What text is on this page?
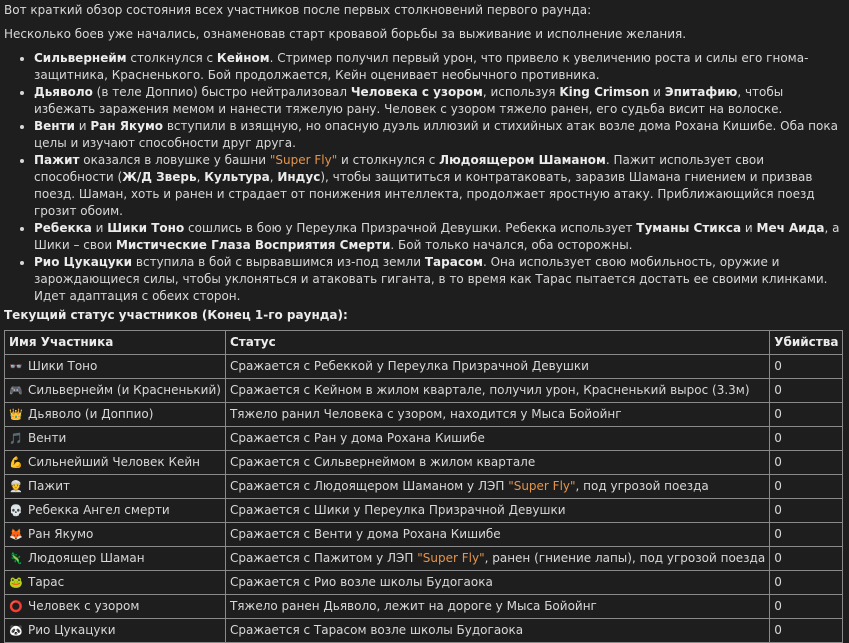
Вот краткий обзор состояния всех участников после первых столкновений первого раунда:

Несколько боев уже начались, ознаменовав старт кровавой борьбы за выживание и исполнение желания.

• Сильвернейм столкнулся с Кейном. Стример получил первый урон, что привело к увеличению роста и силы его гнома-защитника, Красненького. Бой продолжается, Кейн оценивает необычного противника.
• Дьяволо (в теле Доппио) быстро нейтрализовал Человека с узором, используя King Crimson и Эпитафию, чтобы избежать заражения мемом и нанести тяжелую рану. Человек с узором тяжело ранен, его судьба висит на волоске.
• Венти и Ран Якумо вступили в изящную, но опасную дуэль иллюзий и стихийных атак возле дома Рохана Кишибе. Оба пока целы и изучают способности друг друга.
• Пажит оказался в ловушке у башни "Super Fly" и столкнулся с Людоящером Шаманом. Пажит использует свои способности (Ж/Д Зверь, Культура, Индус), чтобы защититься и контратаковать, заразив Шамана гниением и призвав поезд. Шаман, хоть и ранен и страдает от понижения интеллекта, продолжает яростную атаку. Приближающийся поезд грозит обоим.
• Ребекка и Шики Тоно сошлись в бою у Переулка Призрачной Девушки. Ребекка использует Туманы Стикса и Меч Аида, а Шики – свои Мистические Глаза Восприятия Смерти. Бой только начался, оба осторожны.
• Рио Цукацуки вступила в бой с вырвавшимся из-под земли Тарасом. Она использует свою мобильность, оружие и зарождающиеся силы, чтобы уклоняться и атаковать гиганта, в то время как Тарас пытается достать ее своими клинками. Идет адаптация с обеих сторон.

Текущий статус участников (Конец 1-го раунда):

Имя Участника	Статус	Убийства
👓 Шики Тоно	Сражается с Ребеккой у Переулка Призрачной Девушки	0
🎮 Сильвернейм (и Красненький)	Сражается с Кейном в жилом квартале, получил урон, Красненький вырос (3.3м)	0
👑 Дьяволо (и Доппио)	Тяжело ранил Человека с узором, находится у Мыса Бойойнг	0
🎵 Венти	Сражается с Ран у дома Рохана Кишибе	0
💪 Сильнейший Человек Кейн	Сражается с Сильвернеймом в жилом квартале	0
👳 Пажит	Сражается с Людоящером Шаманом у ЛЭП "Super Fly", под угрозой поезда	0
💀 Ребекка Ангел смерти	Сражается с Шики у Переулка Призрачной Девушки	0
🦊 Ран Якумо	Сражается с Венти у дома Рохана Кишибе	0
🦎 Людоящер Шаман	Сражается с Пажитом у ЛЭП "Super Fly", ранен (гниение лапы), под угрозой поезда	0
🐸 Тарас	Сражается с Рио возле школы Будогаока	0
⭕ Человек с узором	Тяжело ранен Дьяволо, лежит на дороге у Мыса Бойойнг	0
🐼 Рио Цукацуки	Сражается с Тарасом возле школы Будогаока	0
